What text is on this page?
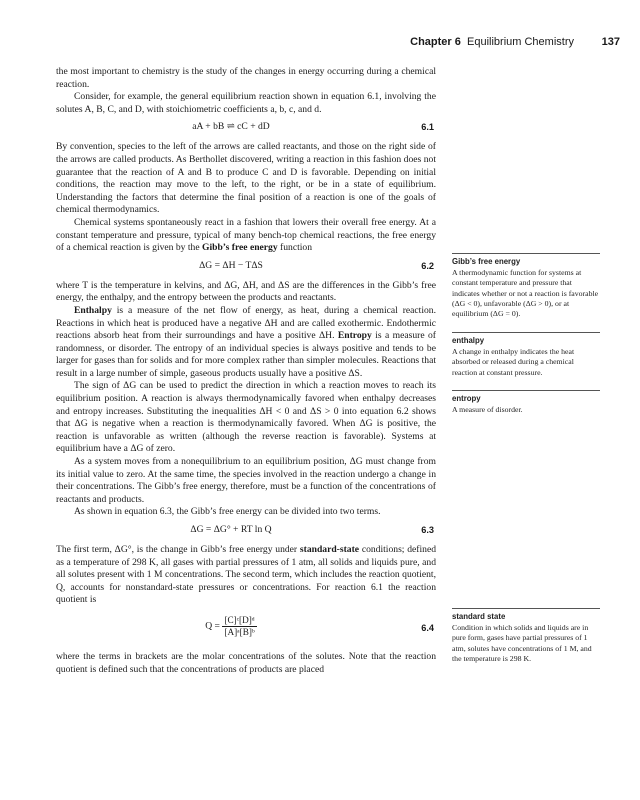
Chapter 6 Equilibrium Chemistry	137

the most important to chemistry is the study of the changes in energy occurring during a chemical reaction.

Consider, for example, the general equilibrium reaction shown in equation 6.1, involving the solutes A, B, C, and D, with stoichiometric coefficients a, b, c, and d.

aA + bB ⇌ cC + dD	6.1

By convention, species to the left of the arrows are called reactants, and those on the right side of the arrows are called products. As Berthollet discovered, writing a reaction in this fashion does not guarantee that the reaction of A and B to produce C and D is favorable. Depending on initial conditions, the reaction may move to the left, to the right, or be in a state of equilibrium. Understanding the factors that determine the final position of a reaction is one of the goals of chemical thermodynamics.

Chemical systems spontaneously react in a fashion that lowers their overall free energy. At a constant temperature and pressure, typical of many bench-top chemical reactions, the free energy of a chemical reaction is given by the Gibb’s free energy function

ΔG = ΔH − TΔS	6.2

where T is the temperature in kelvins, and ΔG, ΔH, and ΔS are the differences in the Gibb’s free energy, the enthalpy, and the entropy between the products and reactants.

Enthalpy is a measure of the net flow of energy, as heat, during a chemical reaction. Reactions in which heat is produced have a negative ΔH and are called exothermic. Endothermic reactions absorb heat from their surroundings and have a positive ΔH. Entropy is a measure of randomness, or disorder. The entropy of an individual species is always positive and tends to be larger for gases than for solids and for more complex rather than simpler molecules. Reactions that result in a large number of simple, gaseous products usually have a positive ΔS.

The sign of ΔG can be used to predict the direction in which a reaction moves to reach its equilibrium position. A reaction is always thermodynamically favored when enthalpy decreases and entropy increases. Substituting the inequalities ΔH < 0 and ΔS > 0 into equation 6.2 shows that ΔG is negative when a reaction is thermodynamically favored. When ΔG is positive, the reaction is unfavorable as written (although the reverse reaction is favorable). Systems at equilibrium have a ΔG of zero.

As a system moves from a nonequilibrium to an equilibrium position, ΔG must change from its initial value to zero. At the same time, the species involved in the reaction undergo a change in their concentrations. The Gibb’s free energy, therefore, must be a function of the concentrations of reactants and products.

As shown in equation 6.3, the Gibb’s free energy can be divided into two terms.

ΔG = ΔG° + RT ln Q	6.3

The first term, ΔG°, is the change in Gibb’s free energy under standard-state conditions; defined as a temperature of 298 K, all gases with partial pressures of 1 atm, all solids and liquids pure, and all solutes present with 1 M concentrations. The second term, which includes the reaction quotient, Q, accounts for nonstandard-state pressures or concentrations. For reaction 6.1 the reaction quotient is

$Q = \frac{\text{[C]ᶜ[D]ᵈ}}{\text{[A]ᵃ[B]ᵇ}}$	6.4

where the terms in brackets are the molar concentrations of the solutes. Note that the reaction quotient is defined such that the concentrations of products are placed

Gibb’s free energy

A thermodynamic function for systems at constant temperature and pressure that indicates whether or not a reaction is favorable (ΔG < 0), unfavorable (ΔG > 0), or at equilibrium (ΔG = 0).

enthalpy

A change in enthalpy indicates the heat absorbed or released during a chemical reaction at constant pressure.

entropy

A measure of disorder.

standard state

Condition in which solids and liquids are in pure form, gases have partial pressures of 1 atm, solutes have concentrations of 1 M, and the temperature is 298 K.
